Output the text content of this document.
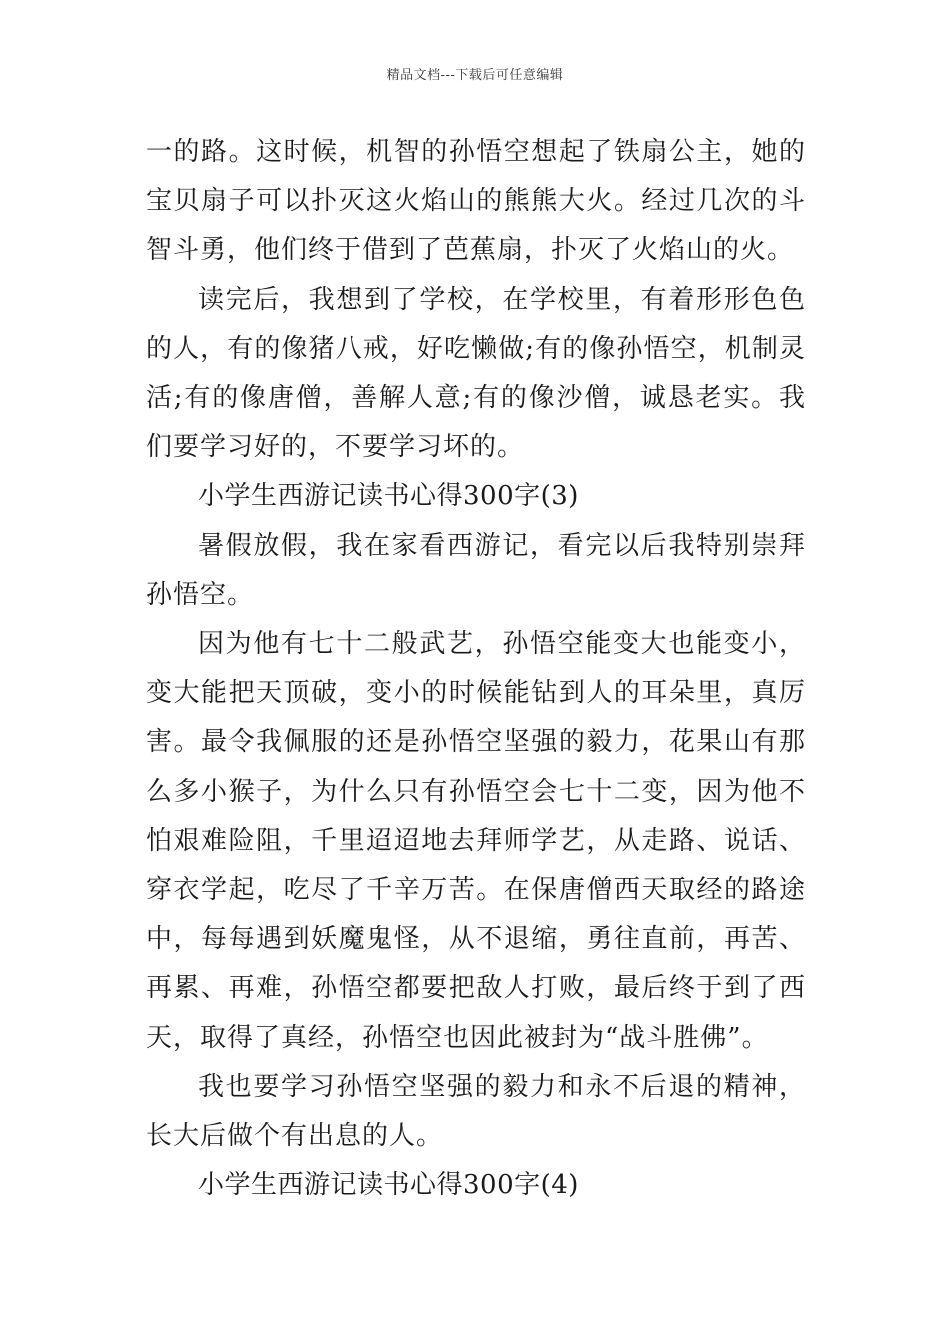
精品文档---下载后可任意编辑

一的路。这时候，机智的孙悟空想起了铁扇公主，她的宝贝扇子可以扑灭这火焰山的熊熊大火。经过几次的斗智斗勇，他们终于借到了芭蕉扇，扑灭了火焰山的火。

读完后，我想到了学校，在学校里，有着形形色色的人，有的像猪八戒，好吃懒做;有的像孙悟空，机制灵活;有的像唐僧，善解人意;有的像沙僧，诚恳老实。我们要学习好的，不要学习坏的。

小学生西游记读书心得300字(3)

暑假放假，我在家看西游记，看完以后我特别崇拜孙悟空。

因为他有七十二般武艺，孙悟空能变大也能变小，变大能把天顶破，变小的时候能钻到人的耳朵里，真厉害。最令我佩服的还是孙悟空坚强的毅力，花果山有那么多小猴子，为什么只有孙悟空会七十二变，因为他不怕艰难险阻，千里迢迢地去拜师学艺，从走路、说话、穿衣学起，吃尽了千辛万苦。在保唐僧西天取经的路途中，每每遇到妖魔鬼怪，从不退缩，勇往直前，再苦、再累、再难，孙悟空都要把敌人打败，最后终于到了西天，取得了真经，孙悟空也因此被封为“战斗胜佛”。

我也要学习孙悟空坚强的毅力和永不后退的精神，长大后做个有出息的人。

小学生西游记读书心得300字(4)
